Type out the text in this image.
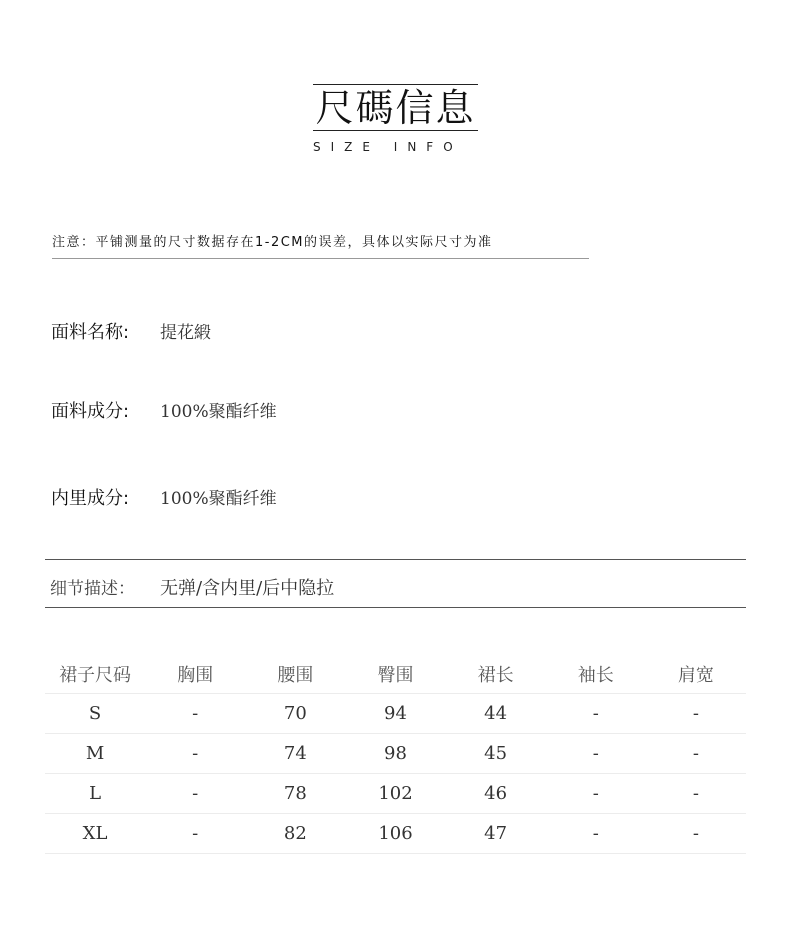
尺碼信息
SIZE INFO
注意：平铺测量的尺寸数据存在1-2CM的误差，具体以实际尺寸为准
面料名称: 提花緞
面料成分: 100%聚酯纤维
内里成分: 100%聚酯纤维
细节描述： 无弹/含内里/后中隐拉
裙子尺码	胸围	腰围	臀围	裙长	袖长	肩宽
S	-	70	94	44	-	-
M	-	74	98	45	-	-
L	-	78	102	46	-	-
XL	-	82	106	47	-	-
